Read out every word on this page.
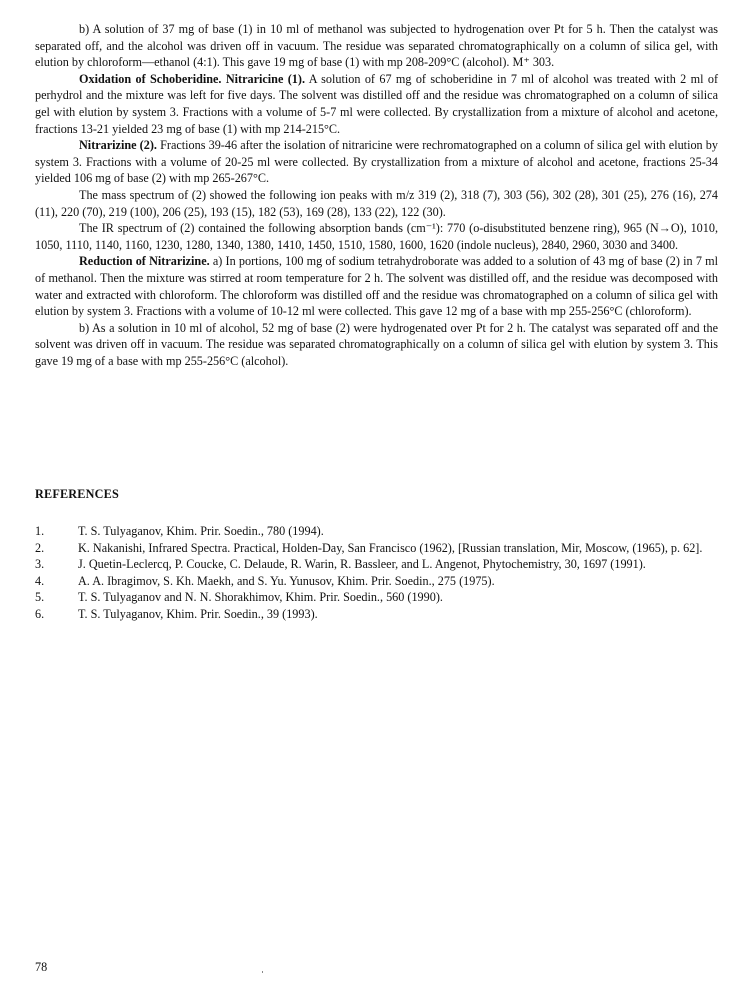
b) A solution of 37 mg of base (1) in 10 ml of methanol was subjected to hydrogenation over Pt for 5 h. Then the catalyst was separated off, and the alcohol was driven off in vacuum. The residue was separated chromatographically on a column of silica gel, with elution by chloroform—ethanol (4:1). This gave 19 mg of base (1) with mp 208-209°C (alcohol). M⁺ 303.

Oxidation of Schoberidine. Nitraricine (1). A solution of 67 mg of schoberidine in 7 ml of alcohol was treated with 2 ml of perhydrol and the mixture was left for five days. The solvent was distilled off and the residue was chromatographed on a column of silica gel with elution by system 3. Fractions with a volume of 5-7 ml were collected. By crystallization from a mixture of alcohol and acetone, fractions 13-21 yielded 23 mg of base (1) with mp 214-215°C.

Nitrarizine (2). Fractions 39-46 after the isolation of nitraricine were rechromatographed on a column of silica gel with elution by system 3. Fractions with a volume of 20-25 ml were collected. By crystallization from a mixture of alcohol and acetone, fractions 25-34 yielded 106 mg of base (2) with mp 265-267°C.

The mass spectrum of (2) showed the following ion peaks with m/z 319 (2), 318 (7), 303 (56), 302 (28), 301 (25), 276 (16), 274 (11), 220 (70), 219 (100), 206 (25), 193 (15), 182 (53), 169 (28), 133 (22), 122 (30).

The IR spectrum of (2) contained the following absorption bands (cm⁻¹): 770 (o-disubstituted benzene ring), 965 (N→O), 1010, 1050, 1110, 1140, 1160, 1230, 1280, 1340, 1380, 1410, 1450, 1510, 1580, 1600, 1620 (indole nucleus), 2840, 2960, 3030 and 3400.

Reduction of Nitrarizine. a) In portions, 100 mg of sodium tetrahydroborate was added to a solution of 43 mg of base (2) in 7 ml of methanol. Then the mixture was stirred at room temperature for 2 h. The solvent was distilled off, and the residue was decomposed with water and extracted with chloroform. The chloroform was distilled off and the residue was chromatographed on a column of silica gel with elution by system 3. Fractions with a volume of 10-12 ml were collected. This gave 12 mg of a base with mp 255-256°C (chloroform).

b) As a solution in 10 ml of alcohol, 52 mg of base (2) were hydrogenated over Pt for 2 h. The catalyst was separated off and the solvent was driven off in vacuum. The residue was separated chromatographically on a column of silica gel with elution by system 3. This gave 19 mg of a base with mp 255-256°C (alcohol).

REFERENCES
1.	T. S. Tulyaganov, Khim. Prir. Soedin., 780 (1994).
2.	K. Nakanishi, Infrared Spectra. Practical, Holden-Day, San Francisco (1962), [Russian translation, Mir, Moscow, (1965), p. 62].
3.	J. Quetin-Leclercq, P. Coucke, C. Delaude, R. Warin, R. Bassleer, and L. Angenot, Phytochemistry, 30, 1697 (1991).
4.	A. A. Ibragimov, S. Kh. Maekh, and S. Yu. Yunusov, Khim. Prir. Soedin., 275 (1975).
5.	T. S. Tulyaganov and N. N. Shorakhimov, Khim. Prir. Soedin., 560 (1990).
6.	T. S. Tulyaganov, Khim. Prir. Soedin., 39 (1993).
78
